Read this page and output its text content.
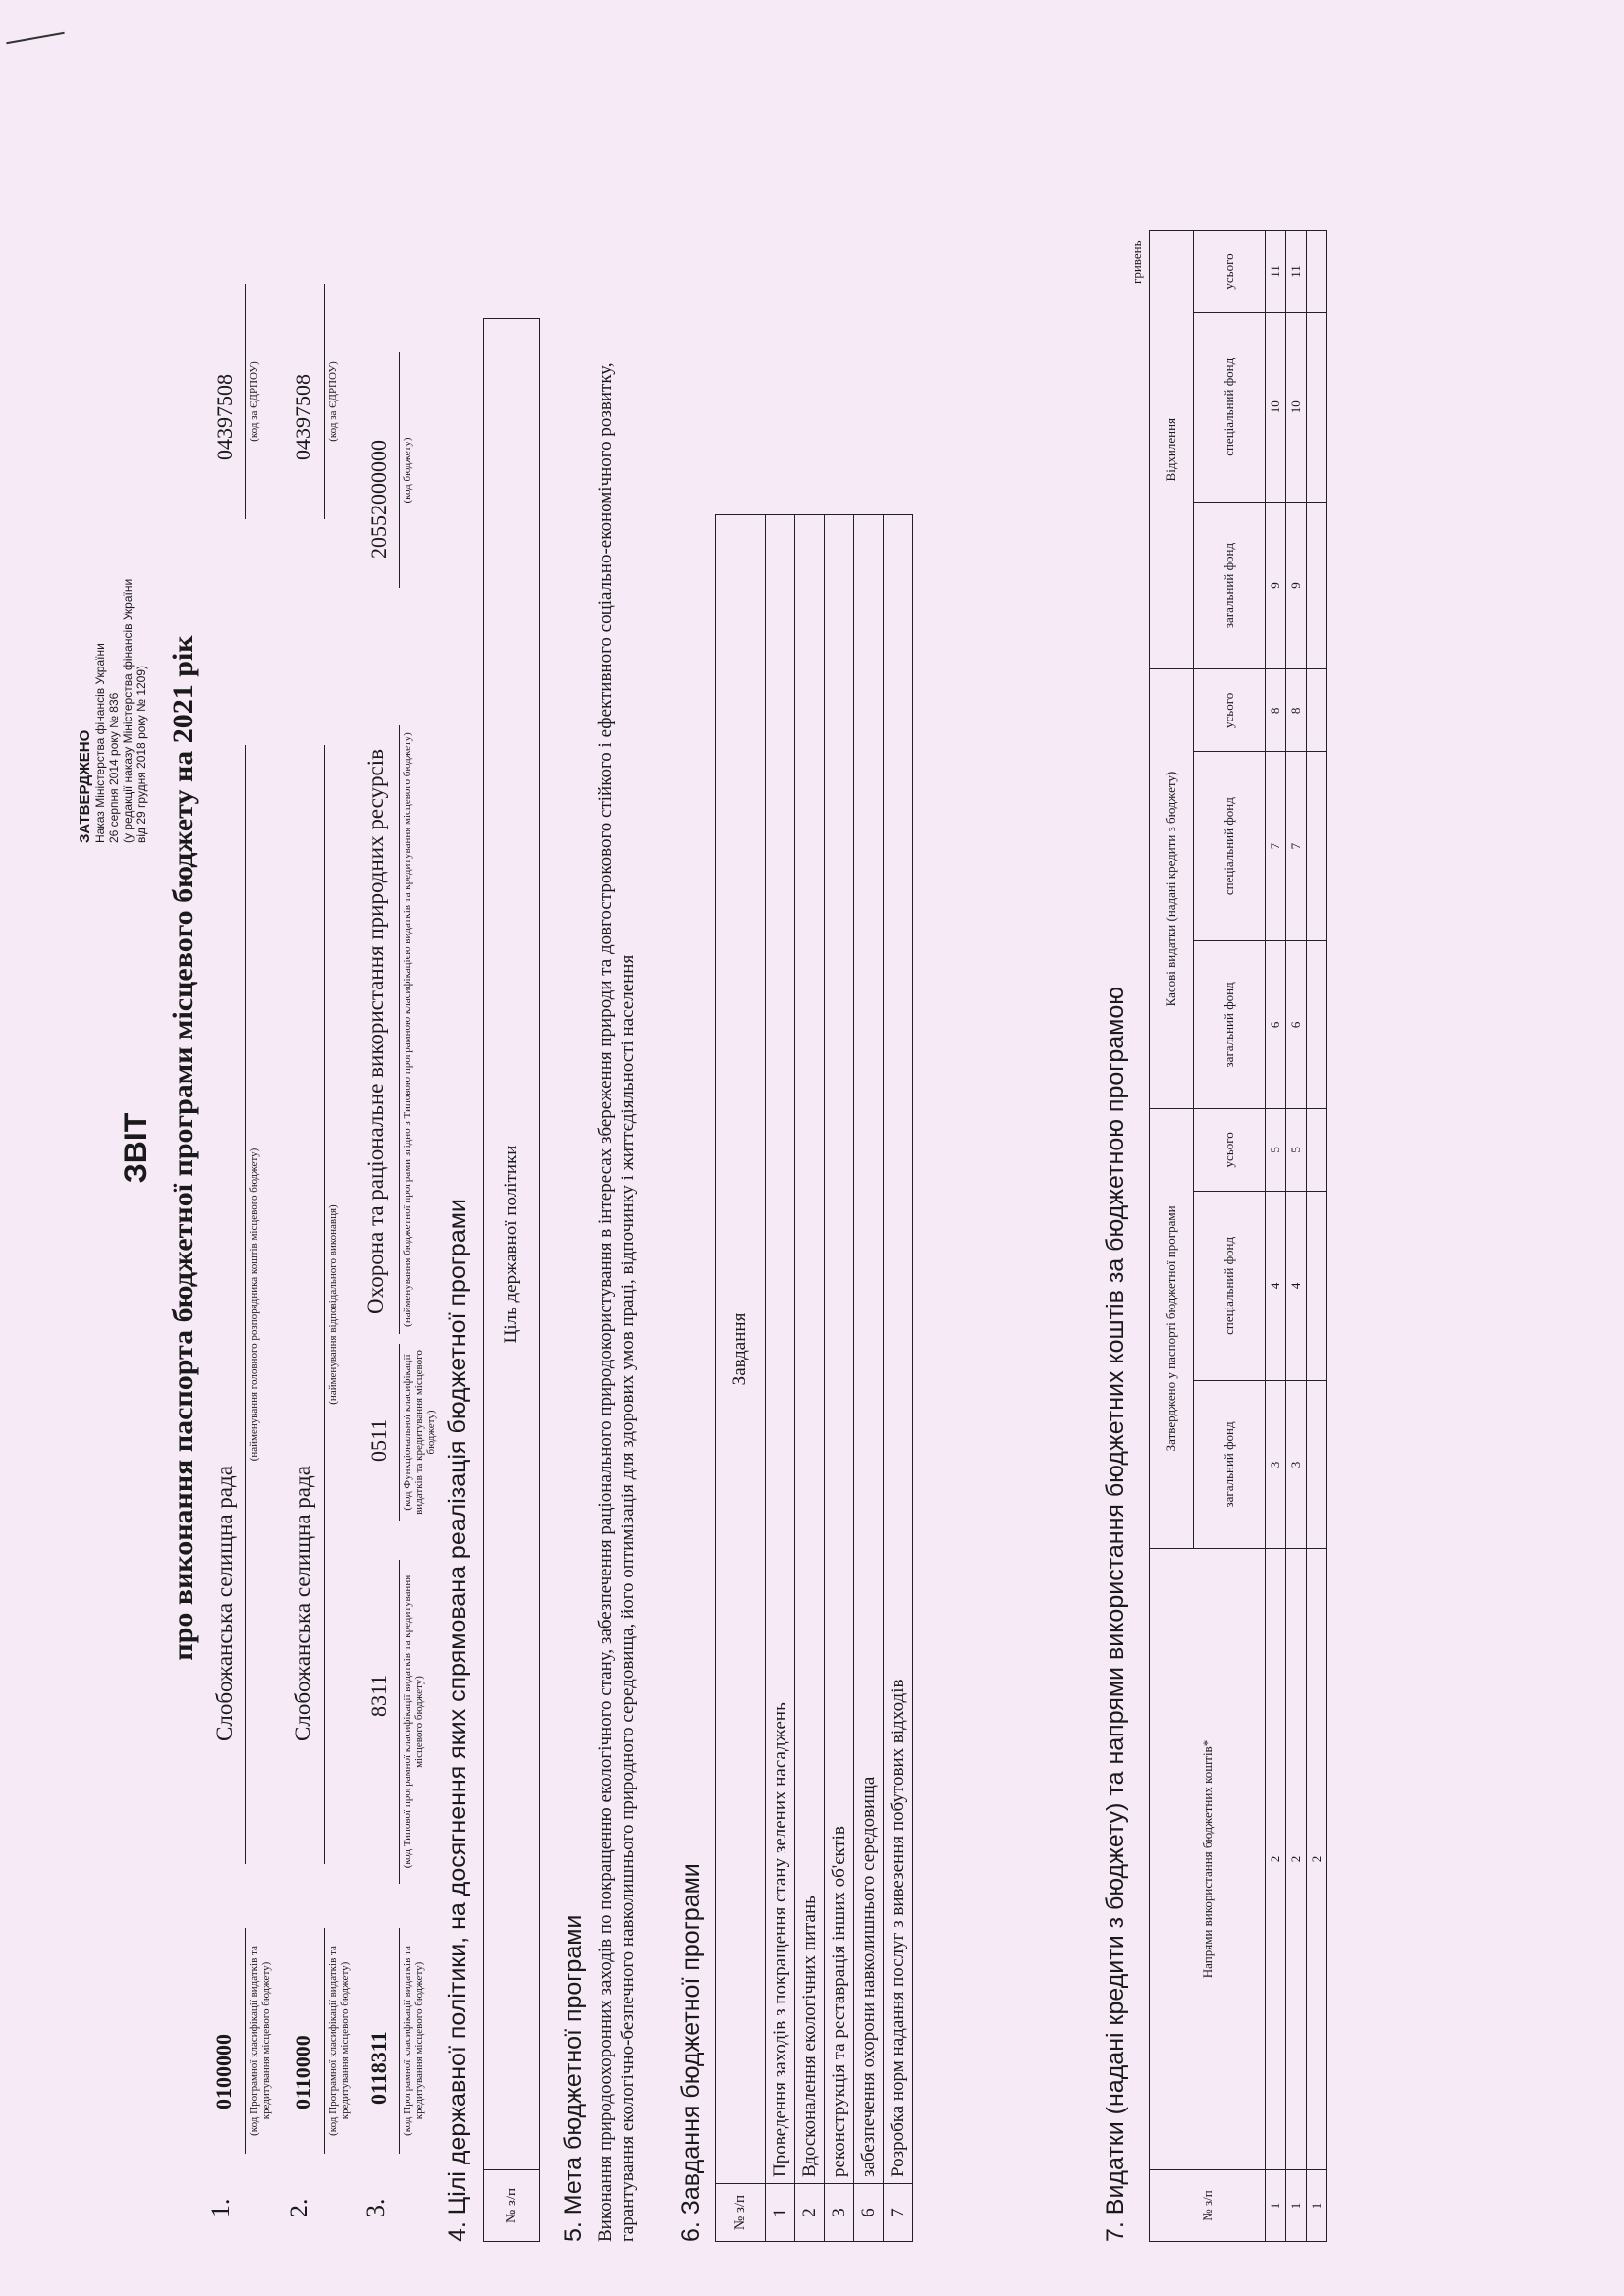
ЗАТВЕРДЖЕНО Наказ Міністерства фінансів України 26 серпня 2014 року № 836 (у редакції наказу Міністерства фінансів України від 29 грудня 2018 року № 1209)
ЗВІТ про виконання паспорта бюджетної програми місцевого бюджету на 2021 рік
1.
0100000 (код Програмної класифікації видатків та кредитування місцевого бюджету)
Слобожанська селищна рада
(найменування головного розпорядника коштів місцевого бюджету)
04397508 (код за ЄДРПОУ)
2.
0110000 (код Програмної класифікації видатків та кредитування місцевого бюджету)
Слобожанська селищна рада
(найменування відповідального виконавця)
04397508 (код за ЄДРПОУ)
3.
0118311 (код Програмної класифікації видатків та кредитування місцевого бюджету)
8311 (код Типової програмної класифікації видатків та кредитування місцевого бюджету)
0511 (код Функціональної класифікації видатків та кредитування місцевого бюджету)
Охорона та раціональне використання природних ресурсів (найменування бюджетної програми згідно з Типовою програмною класифікацією видатків та кредитування місцевого бюджету)
20552000000 (код бюджету)
4. Цілі державної політики, на досягнення яких спрямована реалізація бюджетної програми № з/п	Ціль державної політики
5. Мета бюджетної програми Виконання природоохоронних заходів по покращенню екологічного стану, забезпечення раціонального природокористування в інтересах збереження природи та довгострокового стійкого і ефективного соціально-економічного розвитку, гарантування екологічно-безпечного навколишнього природного середовища, його оптимізація для здорових умов праці, відпочинку і життєдіяльності населення 6. Завдання бюджетної програми № з/п	Завдання
1	Проведення заходів з покращення стану зелених насаджень
2	Вдосконалення екологічних питань
3	реконструкція та реставрація інших об'єктів
6	забезпечення охорони навколишнього середовища
7	Розробка норм надання послуг з вивезення побутових відходів	7. Видатки (надані кредити з бюджету) та напрями використання бюджетних коштів за бюджетною програмою
гривень
№ з/п	Напрями використання бюджетних коштів*	Затверджено у паспорті бюджетної програми			Касові видатки (надані кредити з бюджету)			Відхилення		
		загальний фонд	спеціальний фонд	усього	загальний фонд	спеціальний фонд	усього	загальний фонд	спеціальний фонд	усього
1	2	3	4	5	6	7	8	9	10	11
1	2	3	4	5	6	7	8	9	10	11
1	2									
